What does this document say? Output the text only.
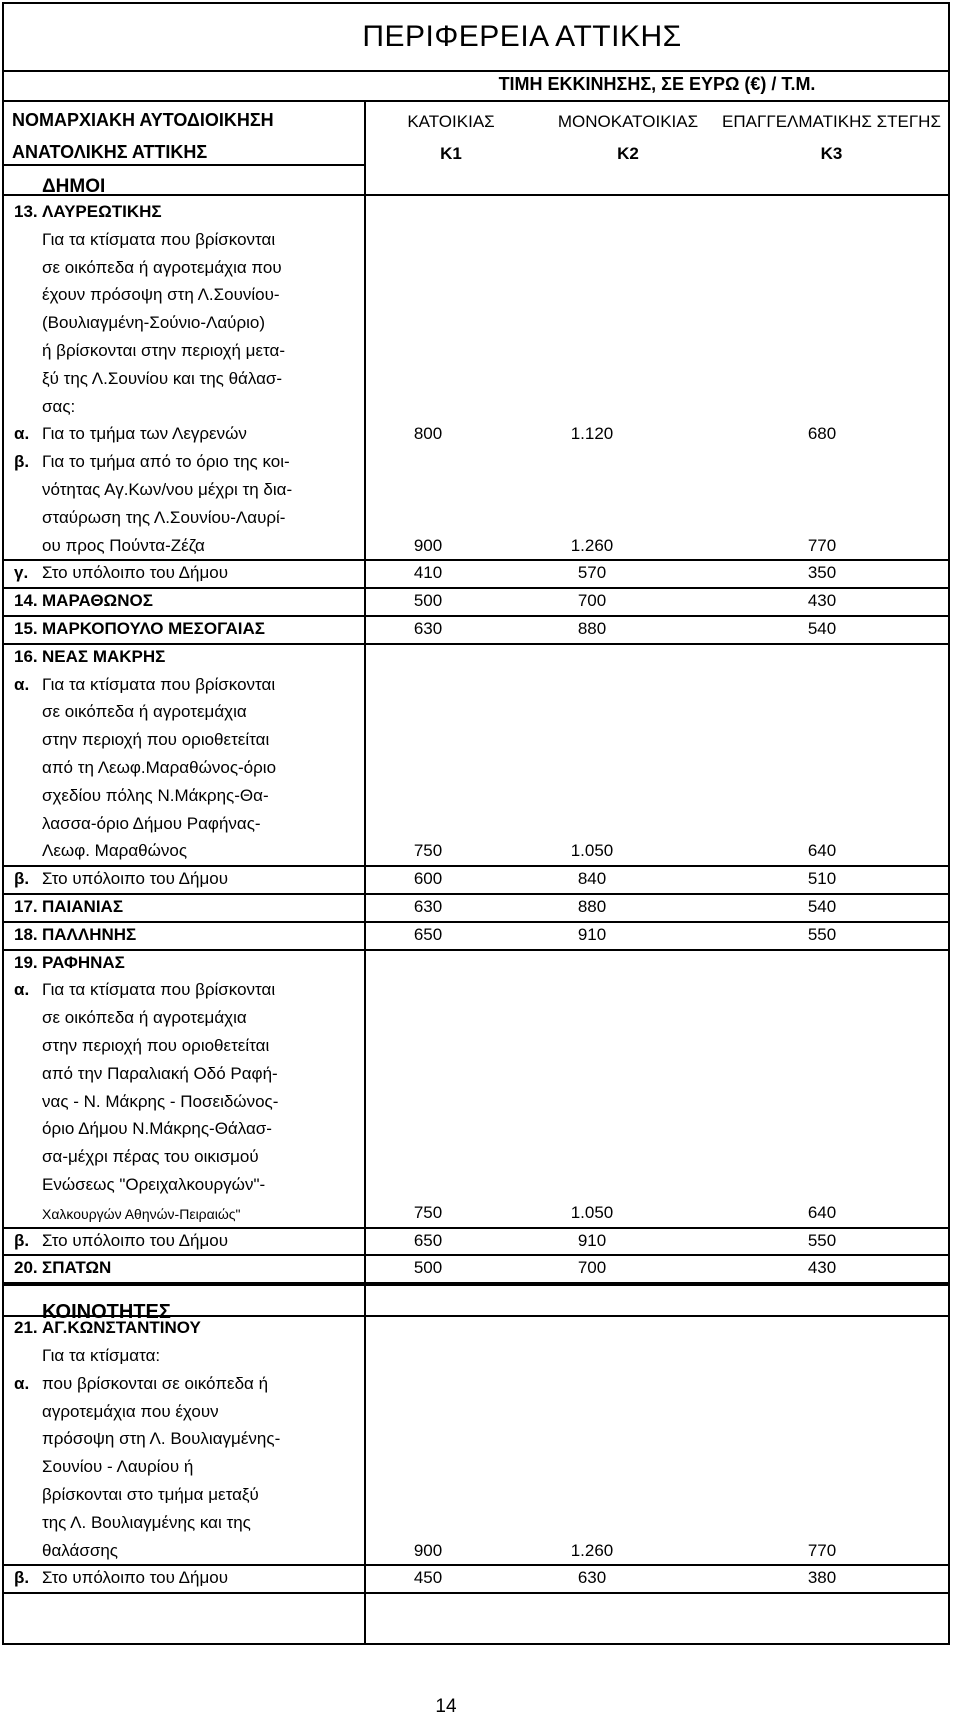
ΠΕΡΙΦΕΡΕΙΑ ΑΤΤΙΚΗΣ
ΤΙΜΗ ΕΚΚΙΝΗΣΗΣ, ΣΕ ΕΥΡΩ (€) / Τ.Μ.
ΝΟΜΑΡΧΙΑΚΗ ΑΥΤΟΔΙΟΙΚΗΣΗ
ΑΝΑΤΟΛΙΚΗΣ ΑΤΤΙΚΗΣ
ΚΑΤΟΙΚΙΑΣ	ΜΟΝΟΚΑΤΟΙΚΙΑΣ	ΕΠΑΓΓΕΛΜΑΤΙΚΗΣ ΣΤΕΓΗΣ
Κ1	Κ2	Κ3
ΔΗΜΟΙ
ΚΟΙΝΟΤΗΤΕΣ
13. ΛΑΥΡΕΩΤΙΚΗΣ
Για τα κτίσματα που βρίσκονται
σε οικόπεδα ή αγροτεμάχια που
έχουν πρόσοψη στη Λ.Σουνίου-
(Βουλιαγμένη-Σούνιο-Λαύριο)
ή βρίσκονται στην περιοχή μετα-
ξύ της Λ.Σουνίου και της θάλασ-
σας:
α. Για το τμήμα των Λεγρενών	800	1.120	680
β. Για το τμήμα από το όριο της κοι-
νότητας Αγ.Κων/νου μέχρι τη δια-
σταύρωση της Λ.Σουνίου-Λαυρί-
ου προς Πούντα-Ζέζα	900	1.260	770
γ. Στο υπόλοιπο του Δήμου	410	570	350
14. ΜΑΡΑΘΩΝΟΣ	500	700	430
15. ΜΑΡΚΟΠΟΥΛΟ ΜΕΣΟΓΑΙΑΣ	630	880	540
16. ΝΕΑΣ ΜΑΚΡΗΣ
α. Για τα κτίσματα που βρίσκονται
σε οικόπεδα ή αγροτεμάχια
στην περιοχή που οριοθετείται
από τη Λεωφ.Μαραθώνος-όριο
σχεδίου πόλης Ν.Μάκρης-Θα-
λασσα-όριο Δήμου Ραφήνας-
Λεωφ. Μαραθώνος	750	1.050	640
β. Στο υπόλοιπο του Δήμου	600	840	510
17. ΠΑΙΑΝΙΑΣ	630	880	540
18. ΠΑΛΛΗΝΗΣ	650	910	550
19. ΡΑΦΗΝΑΣ
α. Για τα κτίσματα που βρίσκονται
σε οικόπεδα ή αγροτεμάχια
στην περιοχή που οριοθετείται
από την Παραλιακή Οδό Ραφή-
νας - Ν. Μάκρης - Ποσειδώνος-
όριο Δήμου Ν.Μάκρης-Θάλασ-
σα-μέχρι πέρας του οικισμού
Ενώσεως "Ορειχαλκουργών"-
Χαλκουργών Αθηνών-Πειραιώς"	750	1.050	640
β. Στο υπόλοιπο του Δήμου	650	910	550
20. ΣΠΑΤΩΝ	500	700	430
21. ΑΓ.ΚΩΝΣΤΑΝΤΙΝΟΥ
Για τα κτίσματα:
α. που βρίσκονται σε οικόπεδα ή
αγροτεμάχια που έχουν
πρόσοψη στη Λ. Βουλιαγμένης-
Σουνίου - Λαυρίου ή
βρίσκονται στο τμήμα μεταξύ
της Λ. Βουλιαγμένης και της
θαλάσσης	900	1.260	770
β. Στο υπόλοιπο του Δήμου	450	630	380
14
